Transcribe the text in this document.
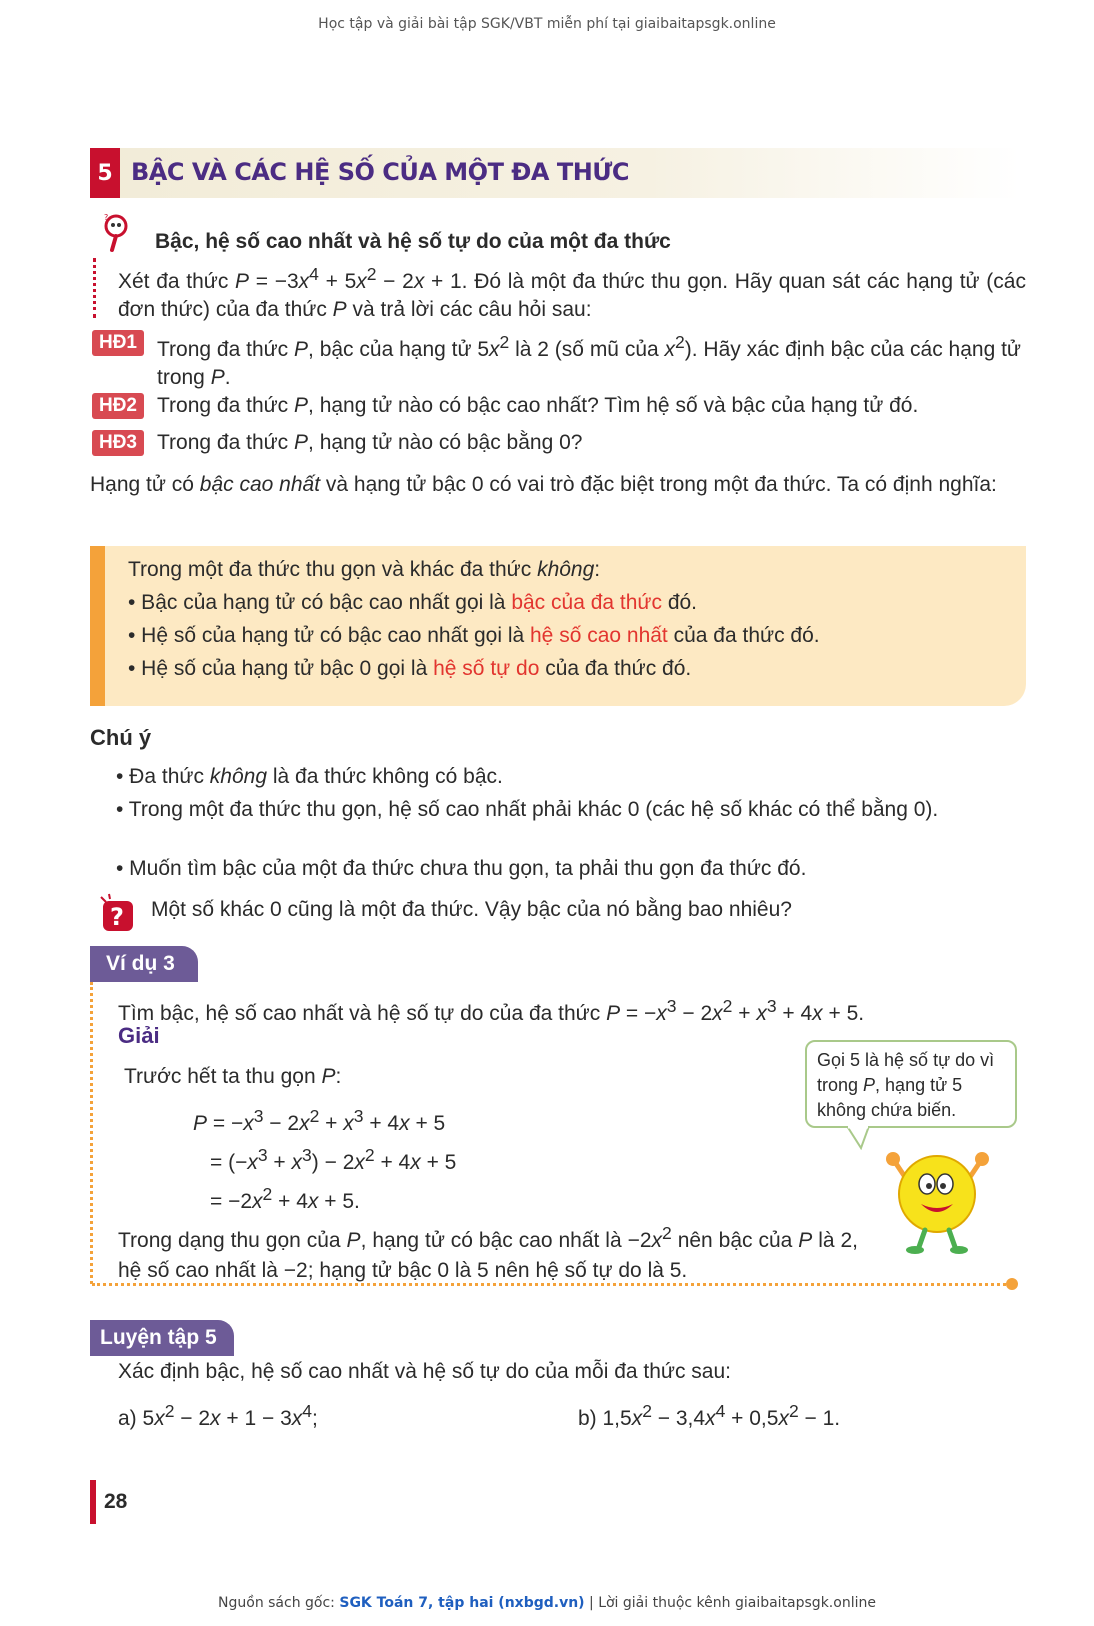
Học tập và giải bài tập SGK/VBT miễn phí tại giaibaitapsgk.online
5 BẬC VÀ CÁC HỆ SỐ CỦA MỘT ĐA THỨC
?
Bậc, hệ số cao nhất và hệ số tự do của một đa thức
Xét đa thức $P = -3x^4 + 5x^2 - 2x + 1$. Đó là một đa thức thu gọn. Hãy quan sát các hạng tử (các đơn thức) của đa thức P và trả lời các câu hỏi sau:
HĐ1 Trong đa thức P, bậc của hạng tử $5x^2$ là 2 (số mũ của $x^2$). Hãy xác định bậc của các hạng tử trong P.
HĐ2 Trong đa thức P, hạng tử nào có bậc cao nhất? Tìm hệ số và bậc của hạng tử đó.
HĐ3 Trong đa thức P, hạng tử nào có bậc bằng 0?
Hạng tử có bậc cao nhất và hạng tử bậc 0 có vai trò đặc biệt trong một đa thức. Ta có định nghĩa:
Trong một đa thức thu gọn và khác đa thức không:
• Bậc của hạng tử có bậc cao nhất gọi là bậc của đa thức đó.
• Hệ số của hạng tử có bậc cao nhất gọi là hệ số cao nhất của đa thức đó.
• Hệ số của hạng tử bậc 0 gọi là hệ số tự do của đa thức đó.
Chú ý
• Đa thức không là đa thức không có bậc.
• Trong một đa thức thu gọn, hệ số cao nhất phải khác 0 (các hệ số khác có thể bằng 0).
• Muốn tìm bậc của một đa thức chưa thu gọn, ta phải thu gọn đa thức đó.
? Một số khác 0 cũng là một đa thức. Vậy bậc của nó bằng bao nhiêu?
Ví dụ 3
Tìm bậc, hệ số cao nhất và hệ số tự do của đa thức $P = -x^3 - 2x^2 + x^3 + 4x + 5$.
Giải
Trước hết ta thu gọn P:
$P = -x^3 - 2x^2 + x^3 + 4x + 5$
= $(-x^3 + x^3) - 2x^2 + 4x + 5$
= $-2x^2 + 4x + 5$.
Trong dạng thu gọn của P, hạng tử có bậc cao nhất là $-2x^2$ nên bậc của P là 2, hệ số cao nhất là −2; hạng tử bậc 0 là 5 nên hệ số tự do là 5.
Gọi 5 là hệ số tự do vì trong P, hạng tử 5 không chứa biến.
Luyện tập 5
Xác định bậc, hệ số cao nhất và hệ số tự do của mỗi đa thức sau:
a) $5x^2 - 2x + 1 - 3x^4$;	b) $1,5x^2 - 3,4x^4 + 0,5x^2 - 1$.
28
Nguồn sách gốc: SGK Toán 7, tập hai (nxbgd.vn) | Lời giải thuộc kênh giaibaitapsgk.online
